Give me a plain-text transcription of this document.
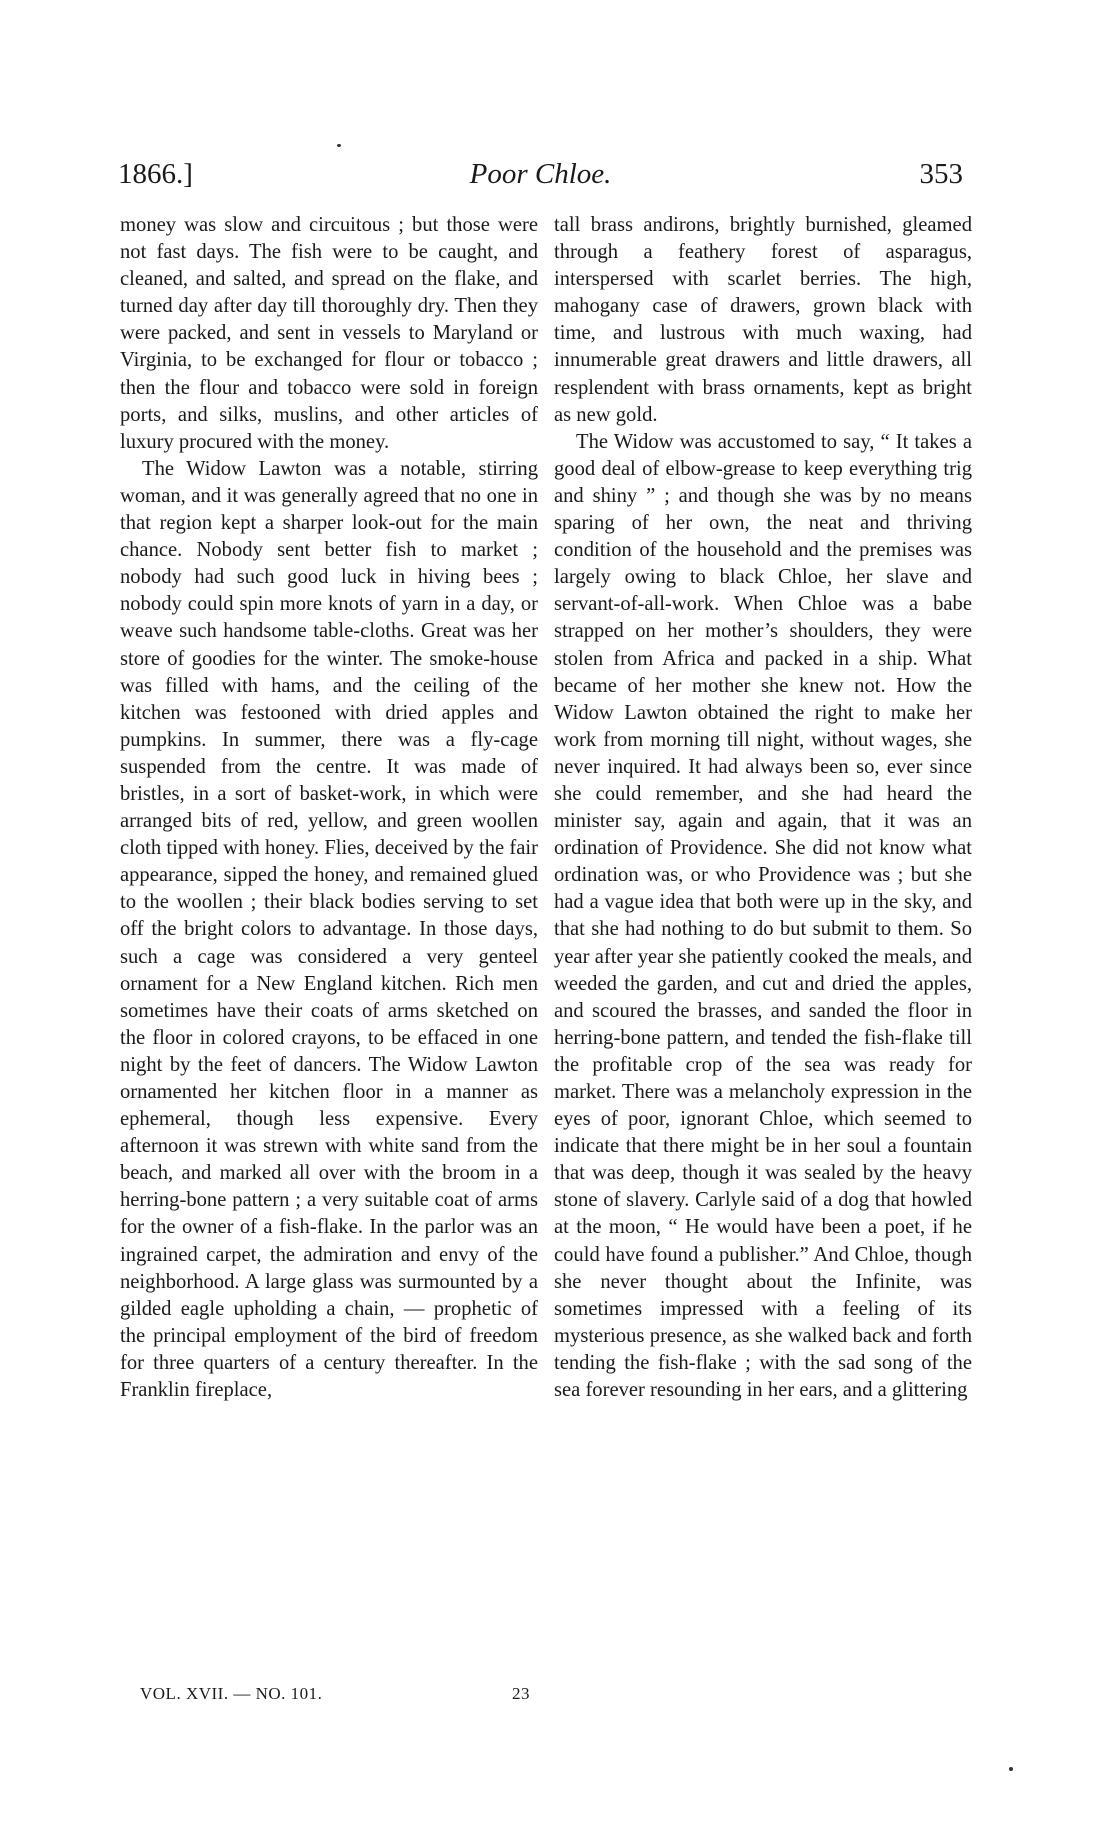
1866.]	Poor Chloe.	353

money was slow and circuitous ; but those were not fast days. The fish were to be caught, and cleaned, and salted, and spread on the flake, and turned day after day till thoroughly dry. Then they were packed, and sent in vessels to Maryland or Virginia, to be exchanged for flour or tobacco ; then the flour and tobacco were sold in foreign ports, and silks, muslins, and other articles of luxury procured with the money.

The Widow Lawton was a notable, stirring woman, and it was generally agreed that no one in that region kept a sharper look-out for the main chance. Nobody sent better fish to market ; nobody had such good luck in hiving bees ; nobody could spin more knots of yarn in a day, or weave such handsome table-cloths. Great was her store of goodies for the winter. The smoke-house was filled with hams, and the ceiling of the kitchen was festooned with dried apples and pumpkins. In summer, there was a fly-cage suspended from the centre. It was made of bristles, in a sort of basket-work, in which were arranged bits of red, yellow, and green woollen cloth tipped with honey. Flies, deceived by the fair appearance, sipped the honey, and remained glued to the woollen ; their black bodies serving to set off the bright colors to advantage. In those days, such a cage was considered a very genteel ornament for a New England kitchen. Rich men sometimes have their coats of arms sketched on the floor in colored crayons, to be effaced in one night by the feet of dancers. The Widow Lawton ornamented her kitchen floor in a manner as ephemeral, though less expensive. Every afternoon it was strewn with white sand from the beach, and marked all over with the broom in a herring-bone pattern ; a very suitable coat of arms for the owner of a fish-flake. In the parlor was an ingrained carpet, the admiration and envy of the neighborhood. A large glass was surmounted by a gilded eagle upholding a chain, — prophetic of the principal employment of the bird of freedom for three quarters of a century thereafter. In the Franklin fireplace,

tall brass andirons, brightly burnished, gleamed through a feathery forest of asparagus, interspersed with scarlet berries. The high, mahogany case of drawers, grown black with time, and lustrous with much waxing, had innumerable great drawers and little drawers, all resplendent with brass ornaments, kept as bright as new gold.

The Widow was accustomed to say, “ It takes a good deal of elbow-grease to keep everything trig and shiny ” ; and though she was by no means sparing of her own, the neat and thriving condition of the household and the premises was largely owing to black Chloe, her slave and servant-of-all-work. When Chloe was a babe strapped on her mother’s shoulders, they were stolen from Africa and packed in a ship. What became of her mother she knew not. How the Widow Lawton obtained the right to make her work from morning till night, without wages, she never inquired. It had always been so, ever since she could remember, and she had heard the minister say, again and again, that it was an ordination of Providence. She did not know what ordination was, or who Providence was ; but she had a vague idea that both were up in the sky, and that she had nothing to do but submit to them. So year after year she patiently cooked the meals, and weeded the garden, and cut and dried the apples, and scoured the brasses, and sanded the floor in herring-bone pattern, and tended the fish-flake till the profitable crop of the sea was ready for market. There was a melancholy expression in the eyes of poor, ignorant Chloe, which seemed to indicate that there might be in her soul a fountain that was deep, though it was sealed by the heavy stone of slavery. Carlyle said of a dog that howled at the moon, “ He would have been a poet, if he could have found a publisher.” And Chloe, though she never thought about the Infinite, was sometimes impressed with a feeling of its mysterious presence, as she walked back and forth tending the fish-flake ; with the sad song of the sea forever resounding in her ears, and a glittering

VOL. XVII. — NO. 101.	23
